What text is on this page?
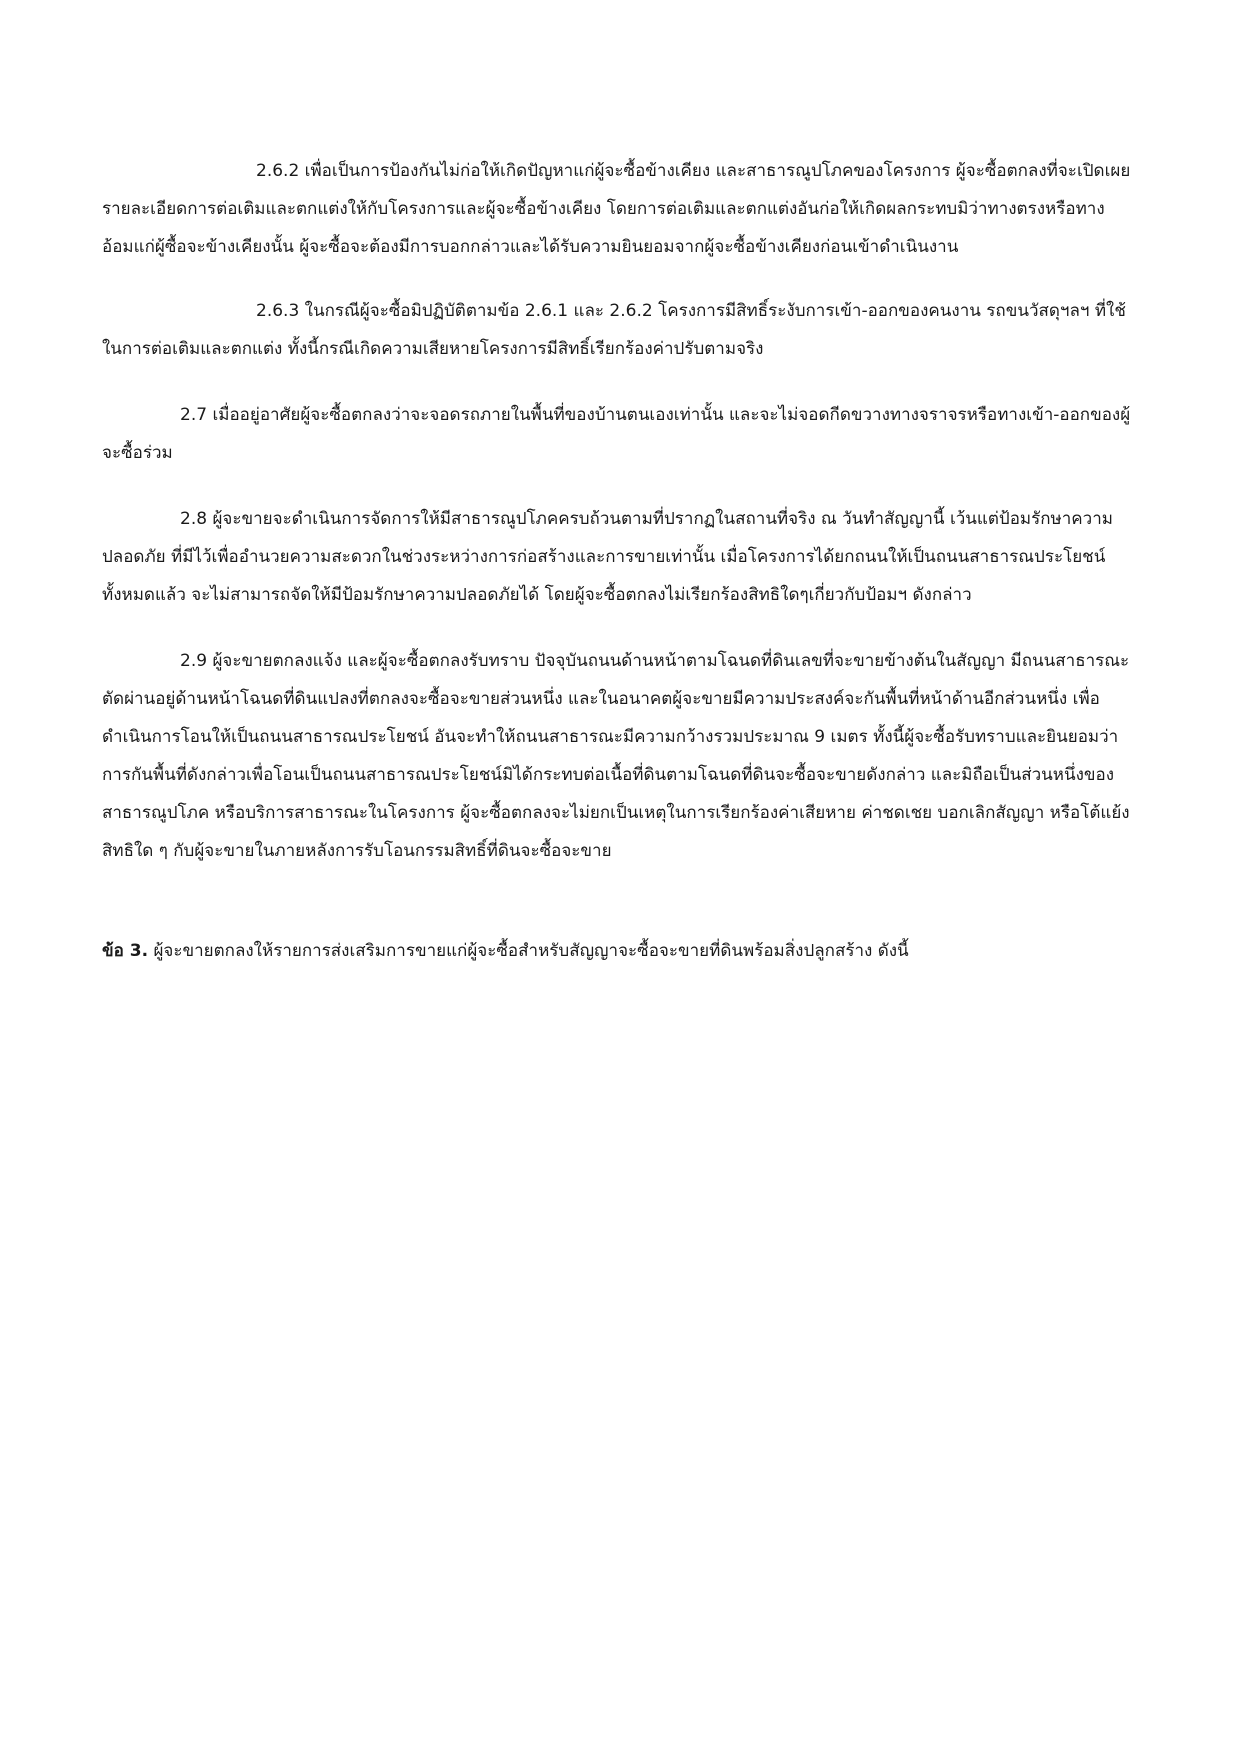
2.6.2 เพื่อเป็นการป้องกันไม่ก่อให้เกิดปัญหาแก่ผู้จะซื้อข้างเคียง และสาธารณูปโภคของโครงการ ผู้จะซื้อตกลงที่จะเปิดเผยรายละเอียดการต่อเติมและตกแต่งให้กับโครงการและผู้จะซื้อข้างเคียง โดยการต่อเติมและตกแต่งอันก่อให้เกิดผลกระทบมิว่าทางตรงหรือทางอ้อมแก่ผู้ซื้อจะข้างเคียงนั้น ผู้จะซื้อจะต้องมีการบอกกล่าวและได้รับความยินยอมจากผู้จะซื้อข้างเคียงก่อนเข้าดำเนินงาน

2.6.3 ในกรณีผู้จะซื้อมิปฏิบัติตามข้อ 2.6.1 และ 2.6.2 โครงการมีสิทธิ์ระงับการเข้า-ออกของคนงาน รถขนวัสดุฯลฯ ที่ใช้ในการต่อเติมและตกแต่ง ทั้งนี้กรณีเกิดความเสียหายโครงการมีสิทธิ์เรียกร้องค่าปรับตามจริง

2.7 เมื่ออยู่อาศัยผู้จะซื้อตกลงว่าจะจอดรถภายในพื้นที่ของบ้านตนเองเท่านั้น และจะไม่จอดกีดขวางทางจราจรหรือทางเข้า-ออกของผู้จะซื้อร่วม

2.8 ผู้จะขายจะดำเนินการจัดการให้มีสาธารณูปโภคครบถ้วนตามที่ปรากฏในสถานที่จริง ณ วันทำสัญญานี้ เว้นแต่ป้อมรักษาความปลอดภัย ที่มีไว้เพื่ออำนวยความสะดวกในช่วงระหว่างการก่อสร้างและการขายเท่านั้น เมื่อโครงการได้ยกถนนให้เป็นถนนสาธารณประโยชน์ทั้งหมดแล้ว จะไม่สามารถจัดให้มีป้อมรักษาความปลอดภัยได้ โดยผู้จะซื้อตกลงไม่เรียกร้องสิทธิใดๆเกี่ยวกับป้อมฯ ดังกล่าว

2.9 ผู้จะขายตกลงแจ้ง และผู้จะซื้อตกลงรับทราบ ปัจจุบันถนนด้านหน้าตามโฉนดที่ดินเลขที่จะขายข้างต้นในสัญญา มีถนนสาธารณะตัดผ่านอยู่ด้านหน้าโฉนดที่ดินแปลงที่ตกลงจะซื้อจะขายส่วนหนึ่ง และในอนาคตผู้จะขายมีความประสงค์จะกันพื้นที่หน้าด้านอีกส่วนหนึ่ง เพื่อดำเนินการโอนให้เป็นถนนสาธารณประโยชน์ อันจะทำให้ถนนสาธารณะมีความกว้างรวมประมาณ 9 เมตร ทั้งนี้ผู้จะซื้อรับทราบและยินยอมว่า การกันพื้นที่ดังกล่าวเพื่อโอนเป็นถนนสาธารณประโยชน์มิได้กระทบต่อเนื้อที่ดินตามโฉนดที่ดินจะซื้อจะขายดังกล่าว และมิถือเป็นส่วนหนึ่งของสาธารณูปโภค หรือบริการสาธารณะในโครงการ ผู้จะซื้อตกลงจะไม่ยกเป็นเหตุในการเรียกร้องค่าเสียหาย ค่าชดเชย บอกเลิกสัญญา หรือโต้แย้งสิทธิใด ๆ กับผู้จะขายในภายหลังการรับโอนกรรมสิทธิ์ที่ดินจะซื้อจะขาย

ข้อ 3. ผู้จะขายตกลงให้รายการส่งเสริมการขายแก่ผู้จะซื้อสำหรับสัญญาจะซื้อจะขายที่ดินพร้อมสิ่งปลูกสร้าง ดังนี้
